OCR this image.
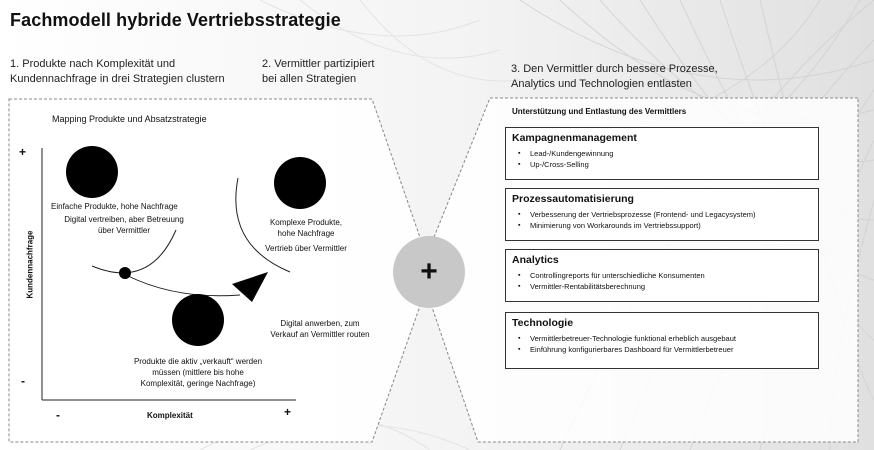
Fachmodell hybride Vertriebsstrategie
1. Produkte nach Komplexität und
Kundennachfrage in drei Strategien clustern
2. Vermittler partizipiert
bei allen Strategien
3. Den Vermittler durch bessere Prozesse,
Analytics und Technologien entlasten
Mapping Produkte und Absatzstrategie
+
-
-	+
Kundennachfrage
Komplexität
Einfache Produkte, hohe Nachfrage
Digital vertreiben, aber Betreuung
über Vermittler
Komplexe Produkte,
hohe Nachfrage
Vertrieb über Vermittler
Digital anwerben, zum
Verkauf an Vermittler routen
Produkte die aktiv „verkauft“ werden
müssen (mittlere bis hohe
Komplexität, geringe Nachfrage)
+
Unterstützung und Entlastung des Vermittlers
Kampagnenmanagement
▪ Lead-/Kundengewinnung
▪ Up-/Cross-Selling
Prozessautomatisierung
▪ Verbesserung der Vertriebsprozesse (Frontend- und Legacysystem)
▪ Minimierung von Workarounds im Vertriebssupport)
Analytics
▪ Controllingreports für unterschiedliche Konsumenten
▪ Vermittler-Rentabilitätsberechnung
Technologie
▪ Vermittlerbetreuer-Technologie funktional erheblich ausgebaut
▪ Einführung konfigurierbares Dashboard für Vermittlerbetreuer
